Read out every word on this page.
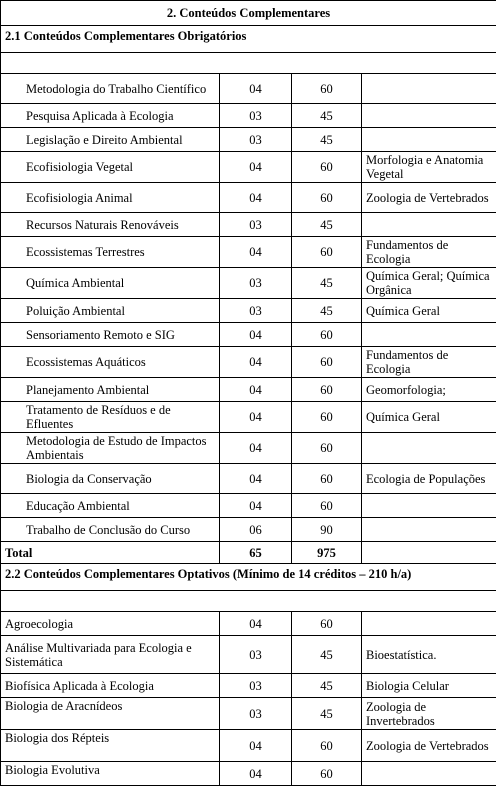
2. Conteúdos Complementares			
2.1 Conteúdos Complementares Obrigatórios			

Metodologia do Trabalho Científico	04	60	
Pesquisa Aplicada à Ecologia	03	45	
Legislação e Direito Ambiental	03	45	
Ecofisiologia Vegetal	04	60	Morfologia e Anatomia Vegetal
Ecofisiologia Animal	04	60	Zoologia de Vertebrados
Recursos Naturais Renováveis	03	45	
Ecossistemas Terrestres	04	60	Fundamentos de Ecologia
Química Ambiental	03	45	Química Geral; Química Orgânica
Poluição Ambiental	03	45	Química Geral
Sensoriamento Remoto e SIG	04	60	
Ecossistemas Aquáticos	04	60	Fundamentos de Ecologia
Planejamento Ambiental	04	60	Geomorfologia;
Tratamento de Resíduos e de Efluentes	04	60	Química Geral
Metodologia de Estudo de Impactos Ambientais	04	60	
Biologia da Conservação	04	60	Ecologia de Populações
Educação Ambiental	04	60	
Trabalho de Conclusão do Curso	06	90	
Total	65	975	
2.2 Conteúdos Complementares Optativos (Mínimo de 14 créditos – 210 h/a)			

Agroecologia	04	60	
Análise Multivariada para Ecologia e Sistemática	03	45	Bioestatística.
Biofísica Aplicada à Ecologia	03	45	Biologia Celular
Biologia de Aracnídeos	03	45	Zoologia de Invertebrados
Biologia dos Répteis	04	60	Zoologia de Vertebrados
Biologia Evolutiva	04	60	
